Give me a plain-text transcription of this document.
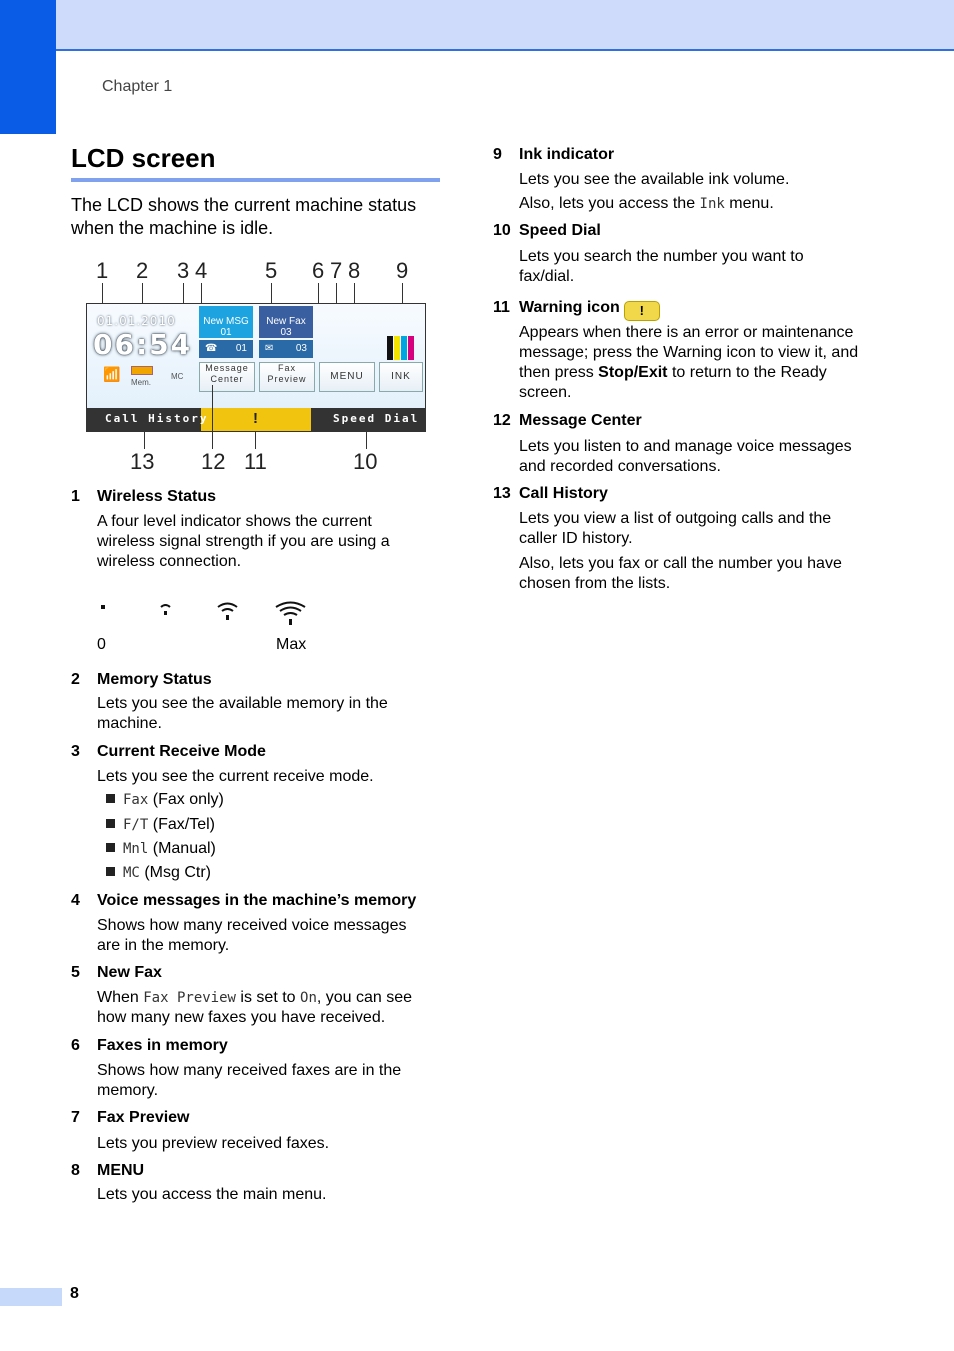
Chapter 1
LCD screen

The LCD shows the current machine status when the machine is idle.

1 2 3 4	5 6 7 8 9
01.01.2010
06:54
📶
Mem.
MC
New MSG
01
☎ 01
New Fax
03
✉ 03
Message Center
Fax Preview	MENU	INK
!
Call History	Speed Dial
13 12 11	10
1 Wireless Status

A four level indicator shows the current wireless signal strength if you are using a wireless connection.

0	Max
2 Memory Status

Lets you see the available memory in the machine.

3 Current Receive Mode

Lets you see the current receive mode.

Fax (Fax only)
F/T (Fax/Tel)
Mnl (Manual)
MC (Msg Ctr)
4 Voice messages in the machine’s memory

Shows how many received voice messages are in the memory.

5 New Fax

When Fax Preview is set to On, you can see how many new faxes you have received.

6 Faxes in memory

Shows how many received faxes are in the memory.

7 Fax Preview

Lets you preview received faxes.

8 MENU

Lets you access the main menu.

9 Ink indicator

Lets you see the available ink volume.

Also, lets you access the Ink menu.

10 Speed Dial

Lets you search the number you want to fax/dial.

11 Warning icon !

Appears when there is an error or maintenance message; press the Warning icon to view it, and then press Stop/Exit to return to the Ready screen.

12 Message Center

Lets you listen to and manage voice messages and recorded conversations.

13 Call History

Lets you view a list of outgoing calls and the caller ID history.

Also, lets you fax or call the number you have chosen from the lists.

8
